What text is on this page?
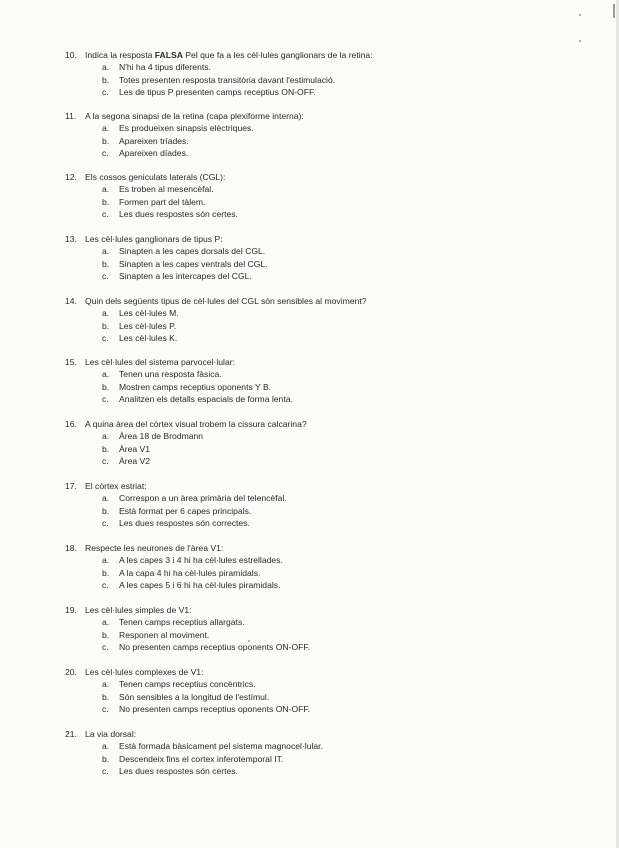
10. Indica la resposta FALSA Pel que fa a les cèl·lules ganglionars de la retina:
a. N'hi ha 4 tipus diferents.
b. Totes presenten resposta transitòria davant l'estimulació.
c. Les de tipus P presenten camps receptius ON-OFF.
11. A la segona sinapsi de la retina (capa plexiforme interna):
a. Es produeixen sinapsis elèctriques.
b. Apareixen tríades.
c. Apareixen díades.
12. Els cossos geniculats laterals (CGL):
a. Es troben al mesencèfal.
b. Formen part del tàlem.
c. Les dues respostes són certes.
13. Les cèl·lules ganglionars de tipus P:
a. Sinapten a les capes dorsals del CGL.
b. Sinapten a les capes ventrals del CGL.
c. Sinapten a les intercapes del CGL.
14. Quin dels següents tipus de cèl·lules del CGL són sensibles al moviment?
a. Les cèl·lules M.
b. Les cèl·lules P.
c. Les cèl·lules K.
15. Les cèl·lules del sistema parvocel·lular:
a. Tenen una resposta fàsica.
b. Mostren camps receptius oponents Y B.
c. Analitzen els detalls espacials de forma lenta.
16. A quina àrea del còrtex visual trobem la cissura calcarina?
a. Àrea 18 de Brodmann
b. Àrea V1
c. Àrea V2
17. El còrtex estriat:
a. Correspon a un àrea primària del telencèfal.
b. Està format per 6 capes principals.
c. Les dues respostes són correctes.
18. Respecte les neurones de l'àrea V1:
a. A les capes 3 i 4 hi ha cèl·lules estrellades.
b. A la capa 4 hi ha cèl·lules piramidals.
c. A les capes 5 i 6 hi ha cèl·lules piramidals.
19. Les cèl·lules simples de V1:
a. Tenen camps receptius allargats.
b. Responen al moviment.
c. No presenten camps receptius oponents ON-OFF.
20. Les cèl·lules complexes de V1:
a. Tenen camps receptius concèntrics.
b. Són sensibles a la longitud de l'estímul.
c. No presenten camps receptius oponents ON-OFF.
21. La via dorsal:
a. Està formada bàsicament pel sistema magnocel·lular.
b. Descendeix fins el cortex inferotemporal IT.
c. Les dues respostes són certes.
